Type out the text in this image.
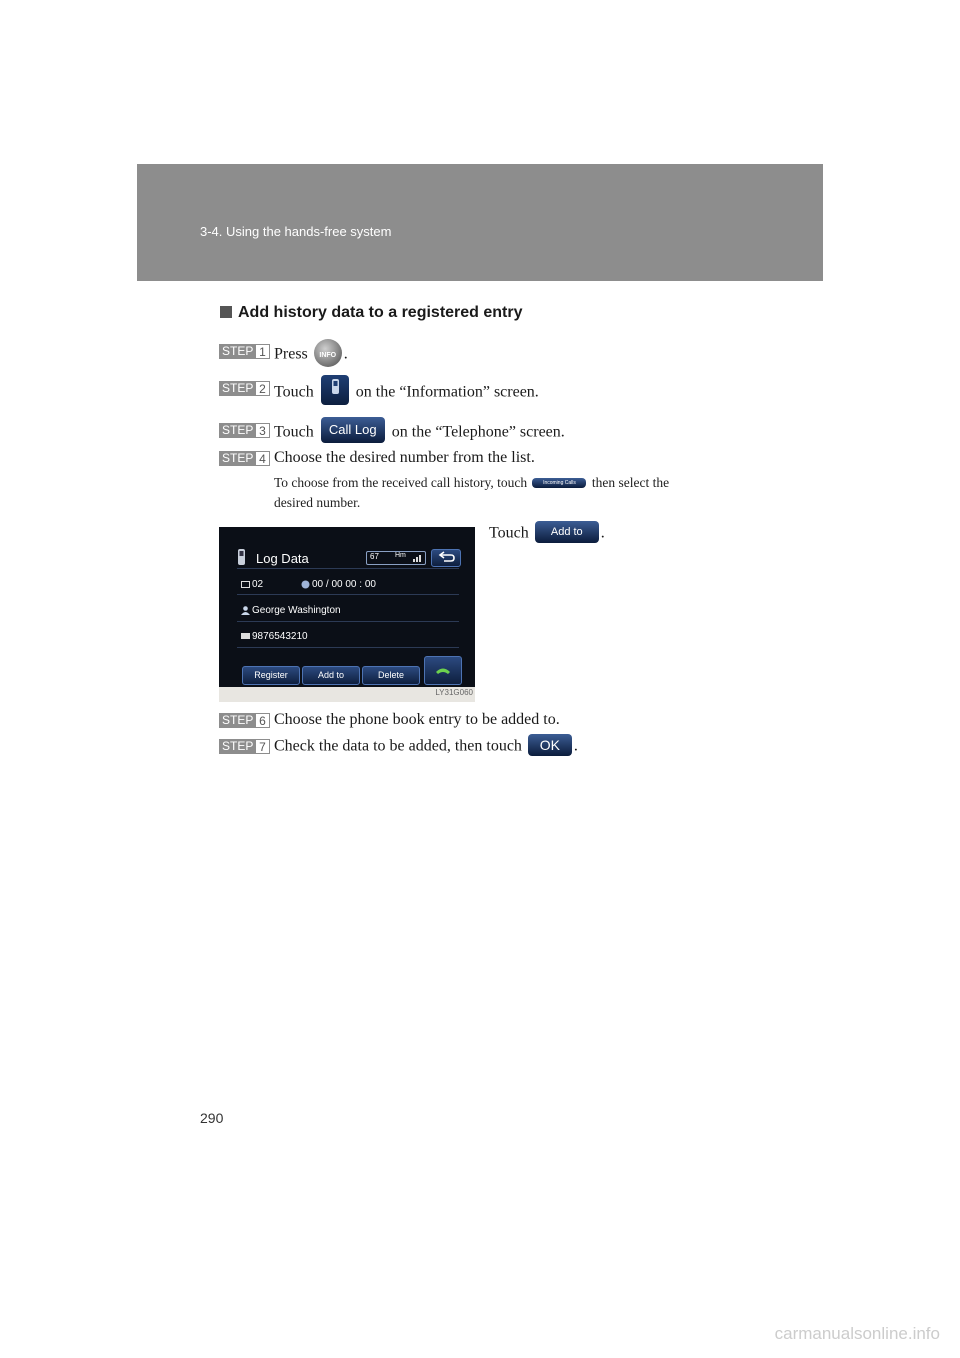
3-4. Using the hands-free system
Add history data to a registered entry
STEP 1 Press	INFO .
STEP 2 Touch	on the “Information” screen.
STEP 3 Touch Call Log on the “Telephone” screen.
STEP 4 Choose the desired number from the list.
To choose from the received call history, touch	Incoming Calls then select the
desired number.
Touch Add to .
Log Data	67 Hm
02	00 / 00 00 : 00
George Washington
9876543210
Register	Add to	Delete
LY31G060
STEP 6 Choose the phone book entry to be added to.
STEP 7 Check the data to be added, then touch OK .
290
carmanualsonline.info
